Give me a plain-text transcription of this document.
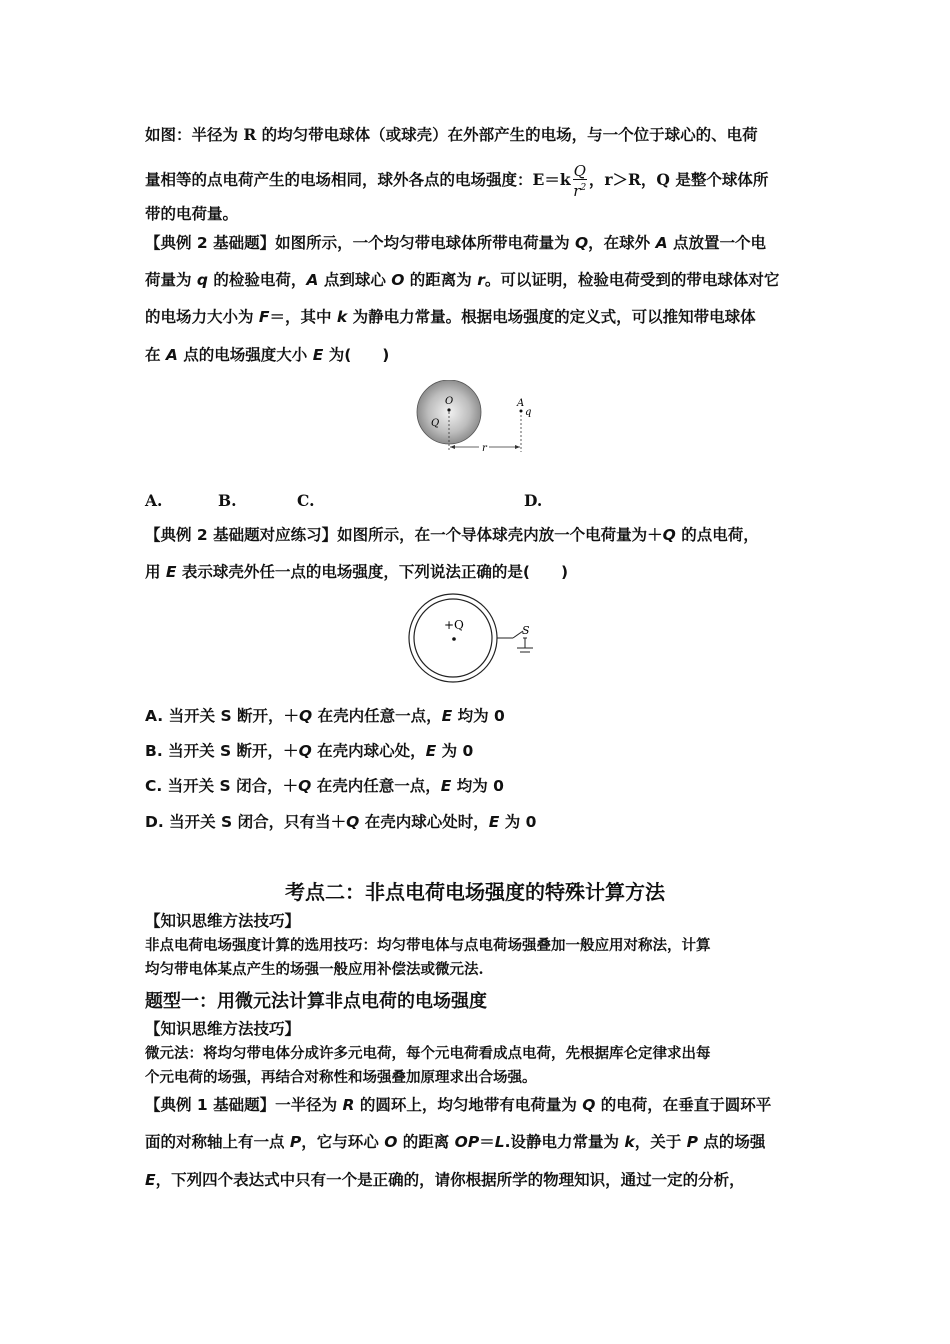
如图：半径为 R 的均匀带电球体（或球壳）在外部产生的电场，与一个位于球心的、电荷
量相等的点电荷产生的电场相同，球外各点的电场强度：$E=k \frac{Q}{r^2}$ ，r＞R，Q 是整个球体所
带的电荷量。
【典例 2 基础题】如图所示，一个均匀带电球体所带电荷量为 Q，在球外 A 点放置一个电
荷量为 q 的检验电荷，A 点到球心 O 的距离为 r。可以证明，检验电荷受到的带电球体对它
的电场力大小为 F＝，其中 k 为静电力常量。根据电场强度的定义式，可以推知带电球体
在 A 点的电场强度大小 E 为(　　)
O
Q
A
q
r
A.	B.	C.	D.
【典例 2 基础题对应练习】如图所示，在一个导体球壳内放一个电荷量为＋Q 的点电荷，
用 E 表示球壳外任一点的电场强度，下列说法正确的是(　　)
+Q	S
A. 当开关 S 断开，＋Q 在壳内任意一点，E 均为 0
B. 当开关 S 断开，＋Q 在壳内球心处，E 为 0
C. 当开关 S 闭合，＋Q 在壳内任意一点，E 均为 0
D. 当开关 S 闭合，只有当＋Q 在壳内球心处时，E 为 0
考点二：非点电荷电场强度的特殊计算方法
【知识思维方法技巧】
非点电荷电场强度计算的选用技巧：均匀带电体与点电荷场强叠加一般应用对称法，计算
均匀带电体某点产生的场强一般应用补偿法或微元法.
题型一：用微元法计算非点电荷的电场强度
【知识思维方法技巧】
微元法：将均匀带电体分成许多元电荷，每个元电荷看成点电荷，先根据库仑定律求出每
个元电荷的场强，再结合对称性和场强叠加原理求出合场强。
【典例 1 基础题】一半径为 R 的圆环上，均匀地带有电荷量为 Q 的电荷，在垂直于圆环平
面的对称轴上有一点 P，它与环心 O 的距离 OP＝L.设静电力常量为 k，关于 P 点的场强
E，下列四个表达式中只有一个是正确的，请你根据所学的物理知识，通过一定的分析，
